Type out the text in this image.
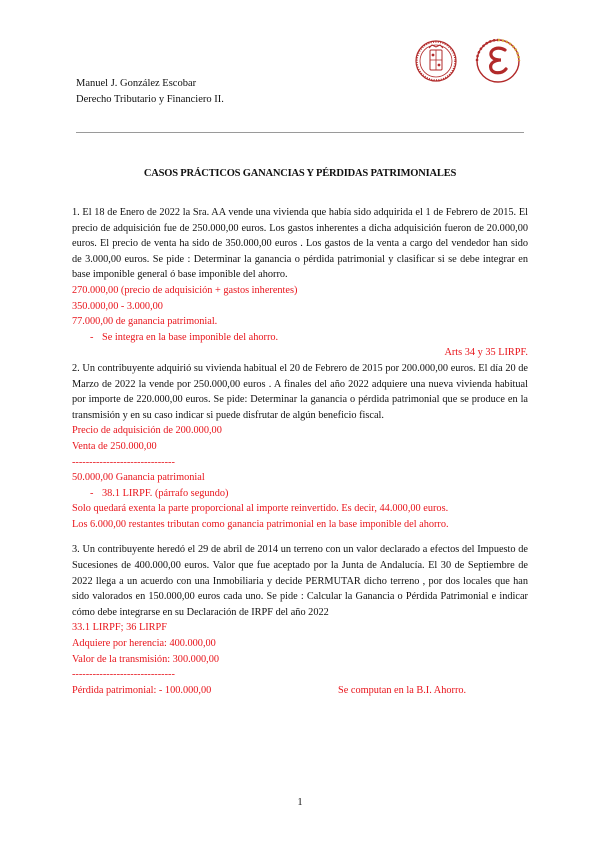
Manuel J. González Escobar
Derecho Tributario y Financiero II.
CASOS PRÁCTICOS GANANCIAS Y PÉRDIDAS PATRIMONIALES

1. El 18 de Enero de 2022 la Sra. AA vende una vivienda que había sido adquirida el 1 de Febrero de 2015. El precio de adquisición fue de 250.000,00 euros. Los gastos inherentes a dicha adquisición fueron de 20.000,00 euros. El precio de venta ha sido de 350.000,00 euros . Los gastos de la venta a cargo del vendedor han sido de 3.000,00 euros. Se pide : Determinar la ganancia o pérdida patrimonial y clasificar si se debe integrar en base imponible general ó base imponible del ahorro.

270.000,00 (precio de adquisición + gastos inherentes)
350.000,00 - 3.000,00
77.000,00 de ganancia patrimonial.
- Se integra en la base imponible del ahorro.
Arts 34 y 35 LIRPF.

2. Un contribuyente adquirió su vivienda habitual el 20 de Febrero de 2015 por 200.000,00 euros. El día 20 de Marzo de 2022 la vende por 250.000,00 euros . A finales del año 2022 adquiere una nueva vivienda habitual por importe de 220.000,00 euros. Se pide: Determinar la ganancia o pérdida patrimonial que se produce en la transmisión y en su caso indicar si puede disfrutar de algún beneficio fiscal.

Precio de adquisición de 200.000,00
Venta de 250.000,00
------------------------------
50.000,00 Ganancia patrimonial
- 38.1 LIRPF. (párrafo segundo)
Solo quedará exenta la parte proporcional al importe reinvertido. Es decir, 44.000,00 euros.
Los 6.000,00 restantes tributan como ganancia patrimonial en la base imponible del ahorro.

3. Un contribuyente heredó el 29 de abril de 2014 un terreno con un valor declarado a efectos del Impuesto de Sucesiones de 400.000,00 euros. Valor que fue aceptado por la Junta de Andalucía. El 30 de Septiembre de 2022 llega a un acuerdo con una Inmobiliaria y decide PERMUTAR dicho terreno , por dos locales que han sido valorados en 150.000,00 euros cada uno. Se pide : Calcular la Ganancia o Pérdida Patrimonial e indicar cómo debe integrarse en su Declaración de IRPF del año 2022

33.1 LIRPF; 36 LIRPF
Adquiere por herencia: 400.000,00
Valor de la transmisión: 300.000,00
------------------------------
Pérdida patrimonial: - 100.000,00	Se computan en la B.I. Ahorro.
1
